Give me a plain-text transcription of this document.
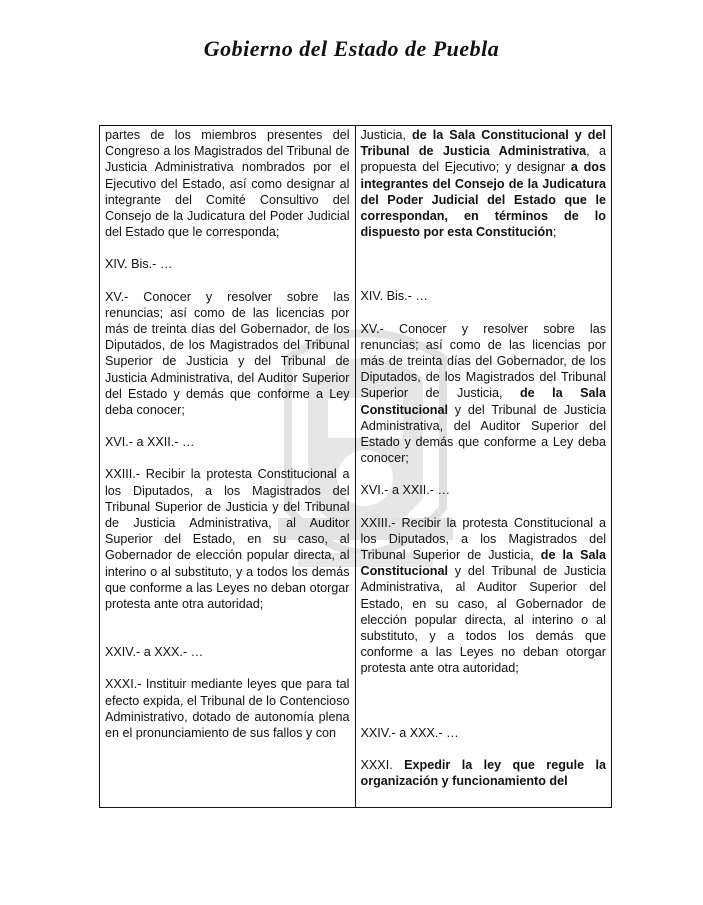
Gobierno del Estado de Puebla

partes de los miembros presentes del Congreso a los Magistrados del Tribunal de Justicia Administrativa nombrados por el Ejecutivo del Estado, así como designar al integrante del Comité Consultivo del Consejo de la Judicatura del Poder Judicial del Estado que le corresponda;

XIV. Bis.- …

XV.- Conocer y resolver sobre las renuncias; así como de las licencias por más de treinta días del Gobernador, de los Diputados, de los Magistrados del Tribunal Superior de Justicia y del Tribunal de Justicia Administrativa, del Auditor Superior del Estado y demás que conforme a Ley deba conocer;

XVI.- a XXII.- …

XXIII.- Recibir la protesta Constitucional a los Diputados, a los Magistrados del Tribunal Superior de Justicia y del Tribunal de Justicia Administrativa, al Auditor Superior del Estado, en su caso, al Gobernador de elección popular directa, al interino o al substituto, y a todos los demás que conforme a las Leyes no deban otorgar protesta ante otra autoridad;

XXIV.- a XXX.- …

XXXI.- Instituir mediante leyes que para tal efecto expida, el Tribunal de lo Contencioso Administrativo, dotado de autonomía plena en el pronunciamiento de sus fallos y con

Justicia, de la Sala Constitucional y del Tribunal de Justicia Administrativa, a propuesta del Ejecutivo; y designar a dos integrantes del Consejo de la Judicatura del Poder Judicial del Estado que le correspondan, en términos de lo dispuesto por esta Constitución;

XIV. Bis.- …

XV.- Conocer y resolver sobre las renuncias; así como de las licencias por más de treinta días del Gobernador, de los Diputados, de los Magistrados del Tribunal Superior de Justicia, de la Sala Constitucional y del Tribunal de Justicia Administrativa, del Auditor Superior del Estado y demás que conforme a Ley deba conocer;

XVI.- a XXII.- …

XXIII.- Recibir la protesta Constitucional a los Diputados, a los Magistrados del Tribunal Superior de Justicia, de la Sala Constitucional y del Tribunal de Justicia Administrativa, al Auditor Superior del Estado, en su caso, al Gobernador de elección popular directa, al interino o al substituto, y a todos los demás que conforme a las Leyes no deban otorgar protesta ante otra autoridad;

XXIV.- a XXX.- …

XXXI. Expedir la ley que regule la organización y funcionamiento del
